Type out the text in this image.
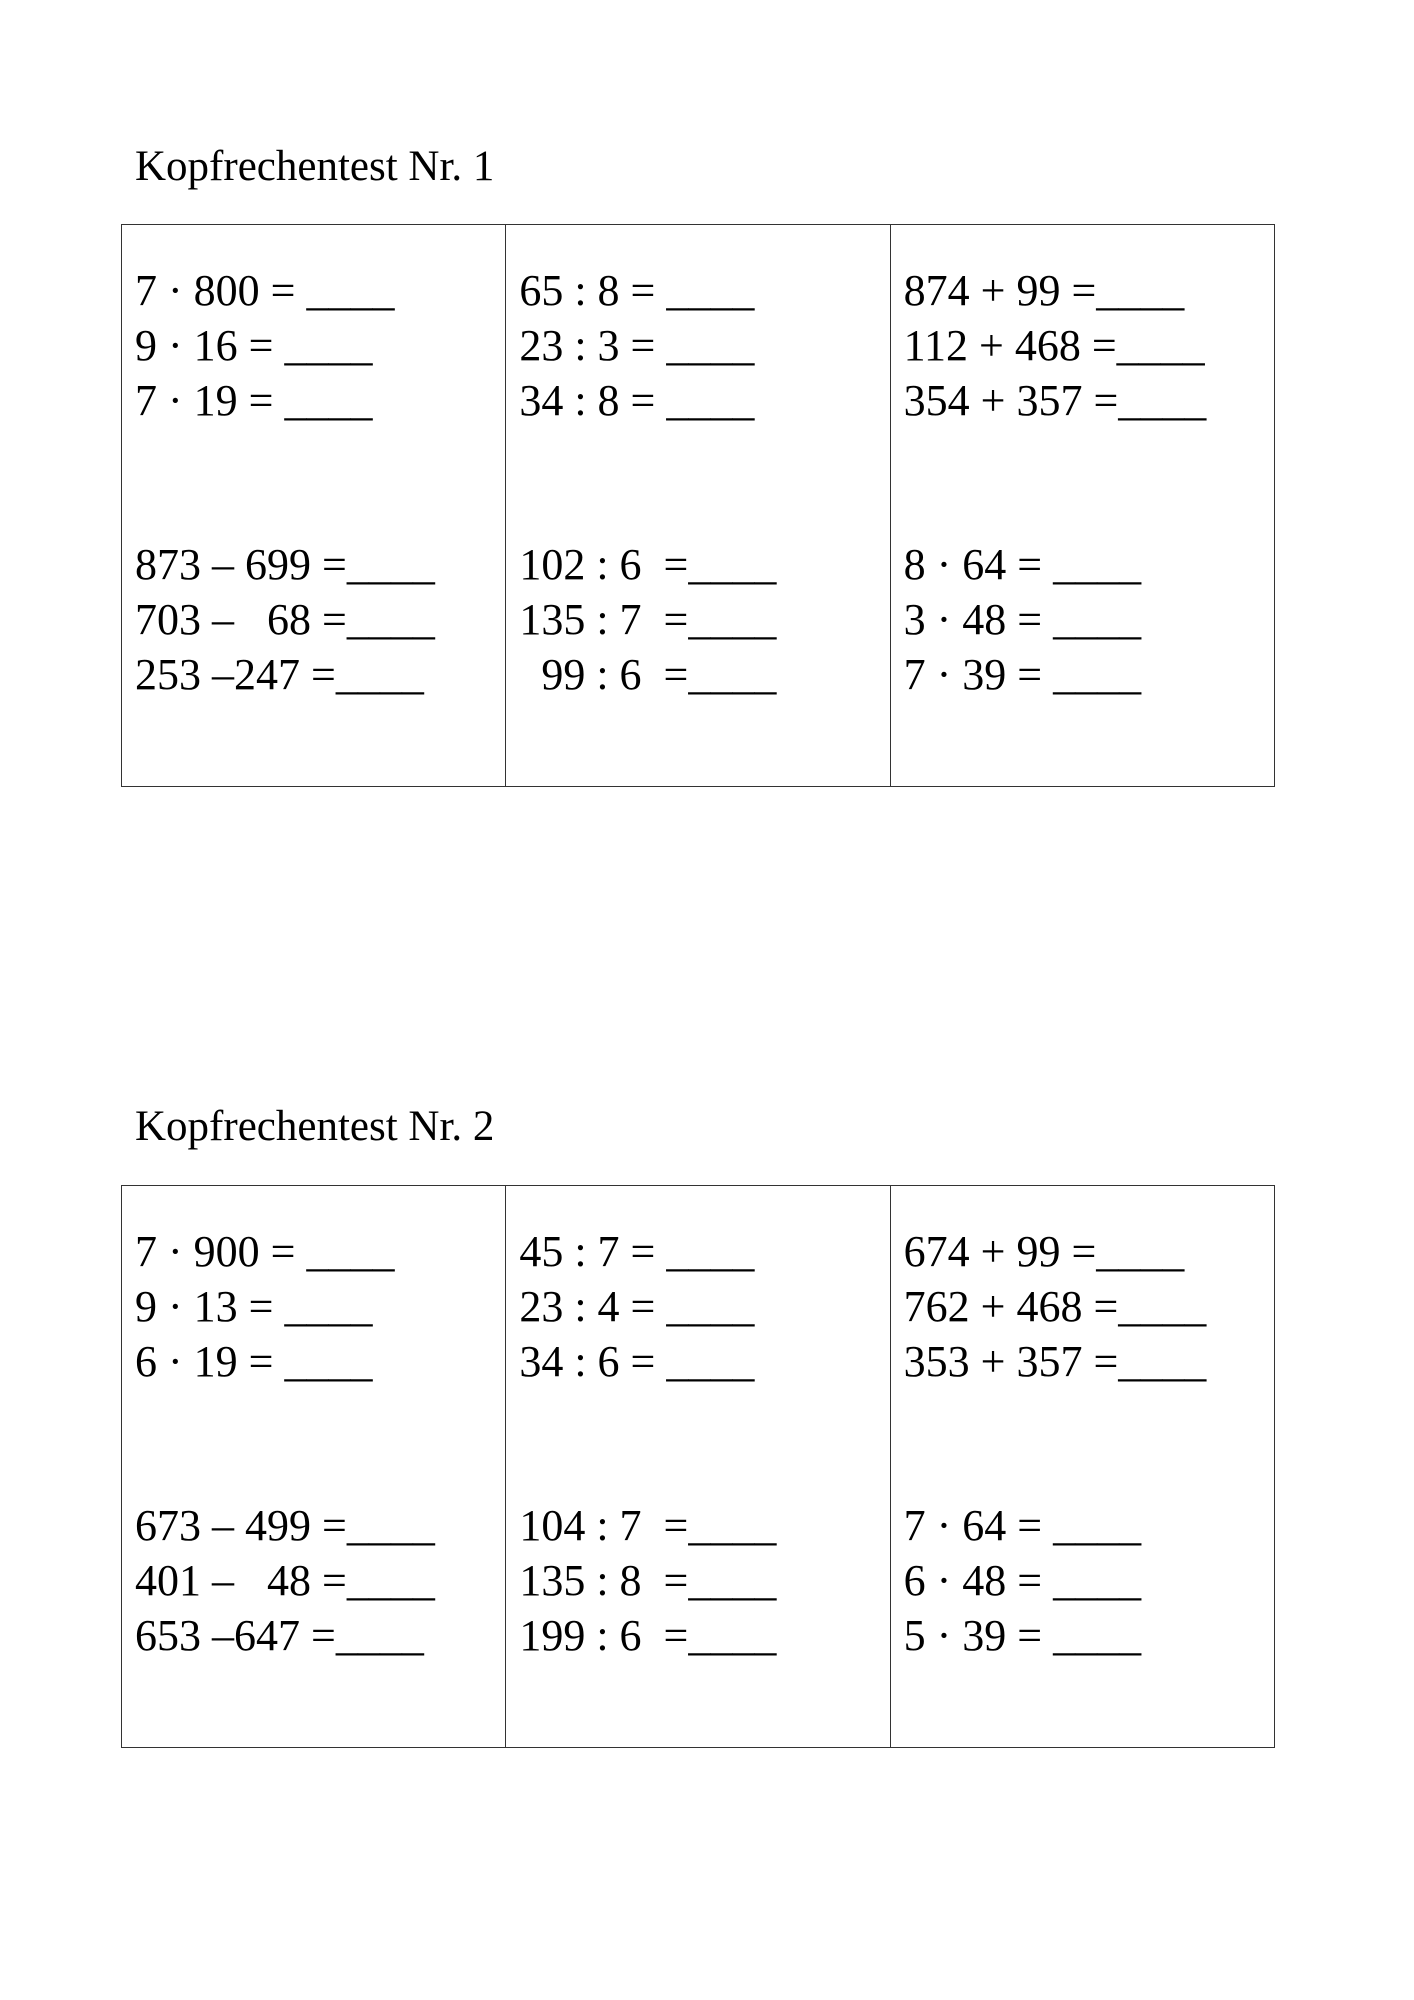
Kopfrechentest Nr. 1
7 · 800 = ____
9 · 16 = ____
7 · 19 = ____
873 – 699 =____
703 –   68 =____
253 –247 =____
65 : 8 = ____
23 : 3 = ____
34 : 8 = ____
102 : 6  =____
135 : 7  =____
99 : 6  =____
874 + 99 =____
112 + 468 =____
354 + 357 =____
8 · 64 = ____
3 · 48 = ____
7 · 39 = ____
Kopfrechentest Nr. 2
7 · 900 = ____
9 · 13 = ____
6 · 19 = ____
673 – 499 =____
401 –   48 =____
653 –647 =____
45 : 7 = ____
23 : 4 = ____
34 : 6 = ____
104 : 7  =____
135 : 8  =____
199 : 6  =____
674 + 99 =____
762 + 468 =____
353 + 357 =____
7 · 64 = ____
6 · 48 = ____
5 · 39 = ____
